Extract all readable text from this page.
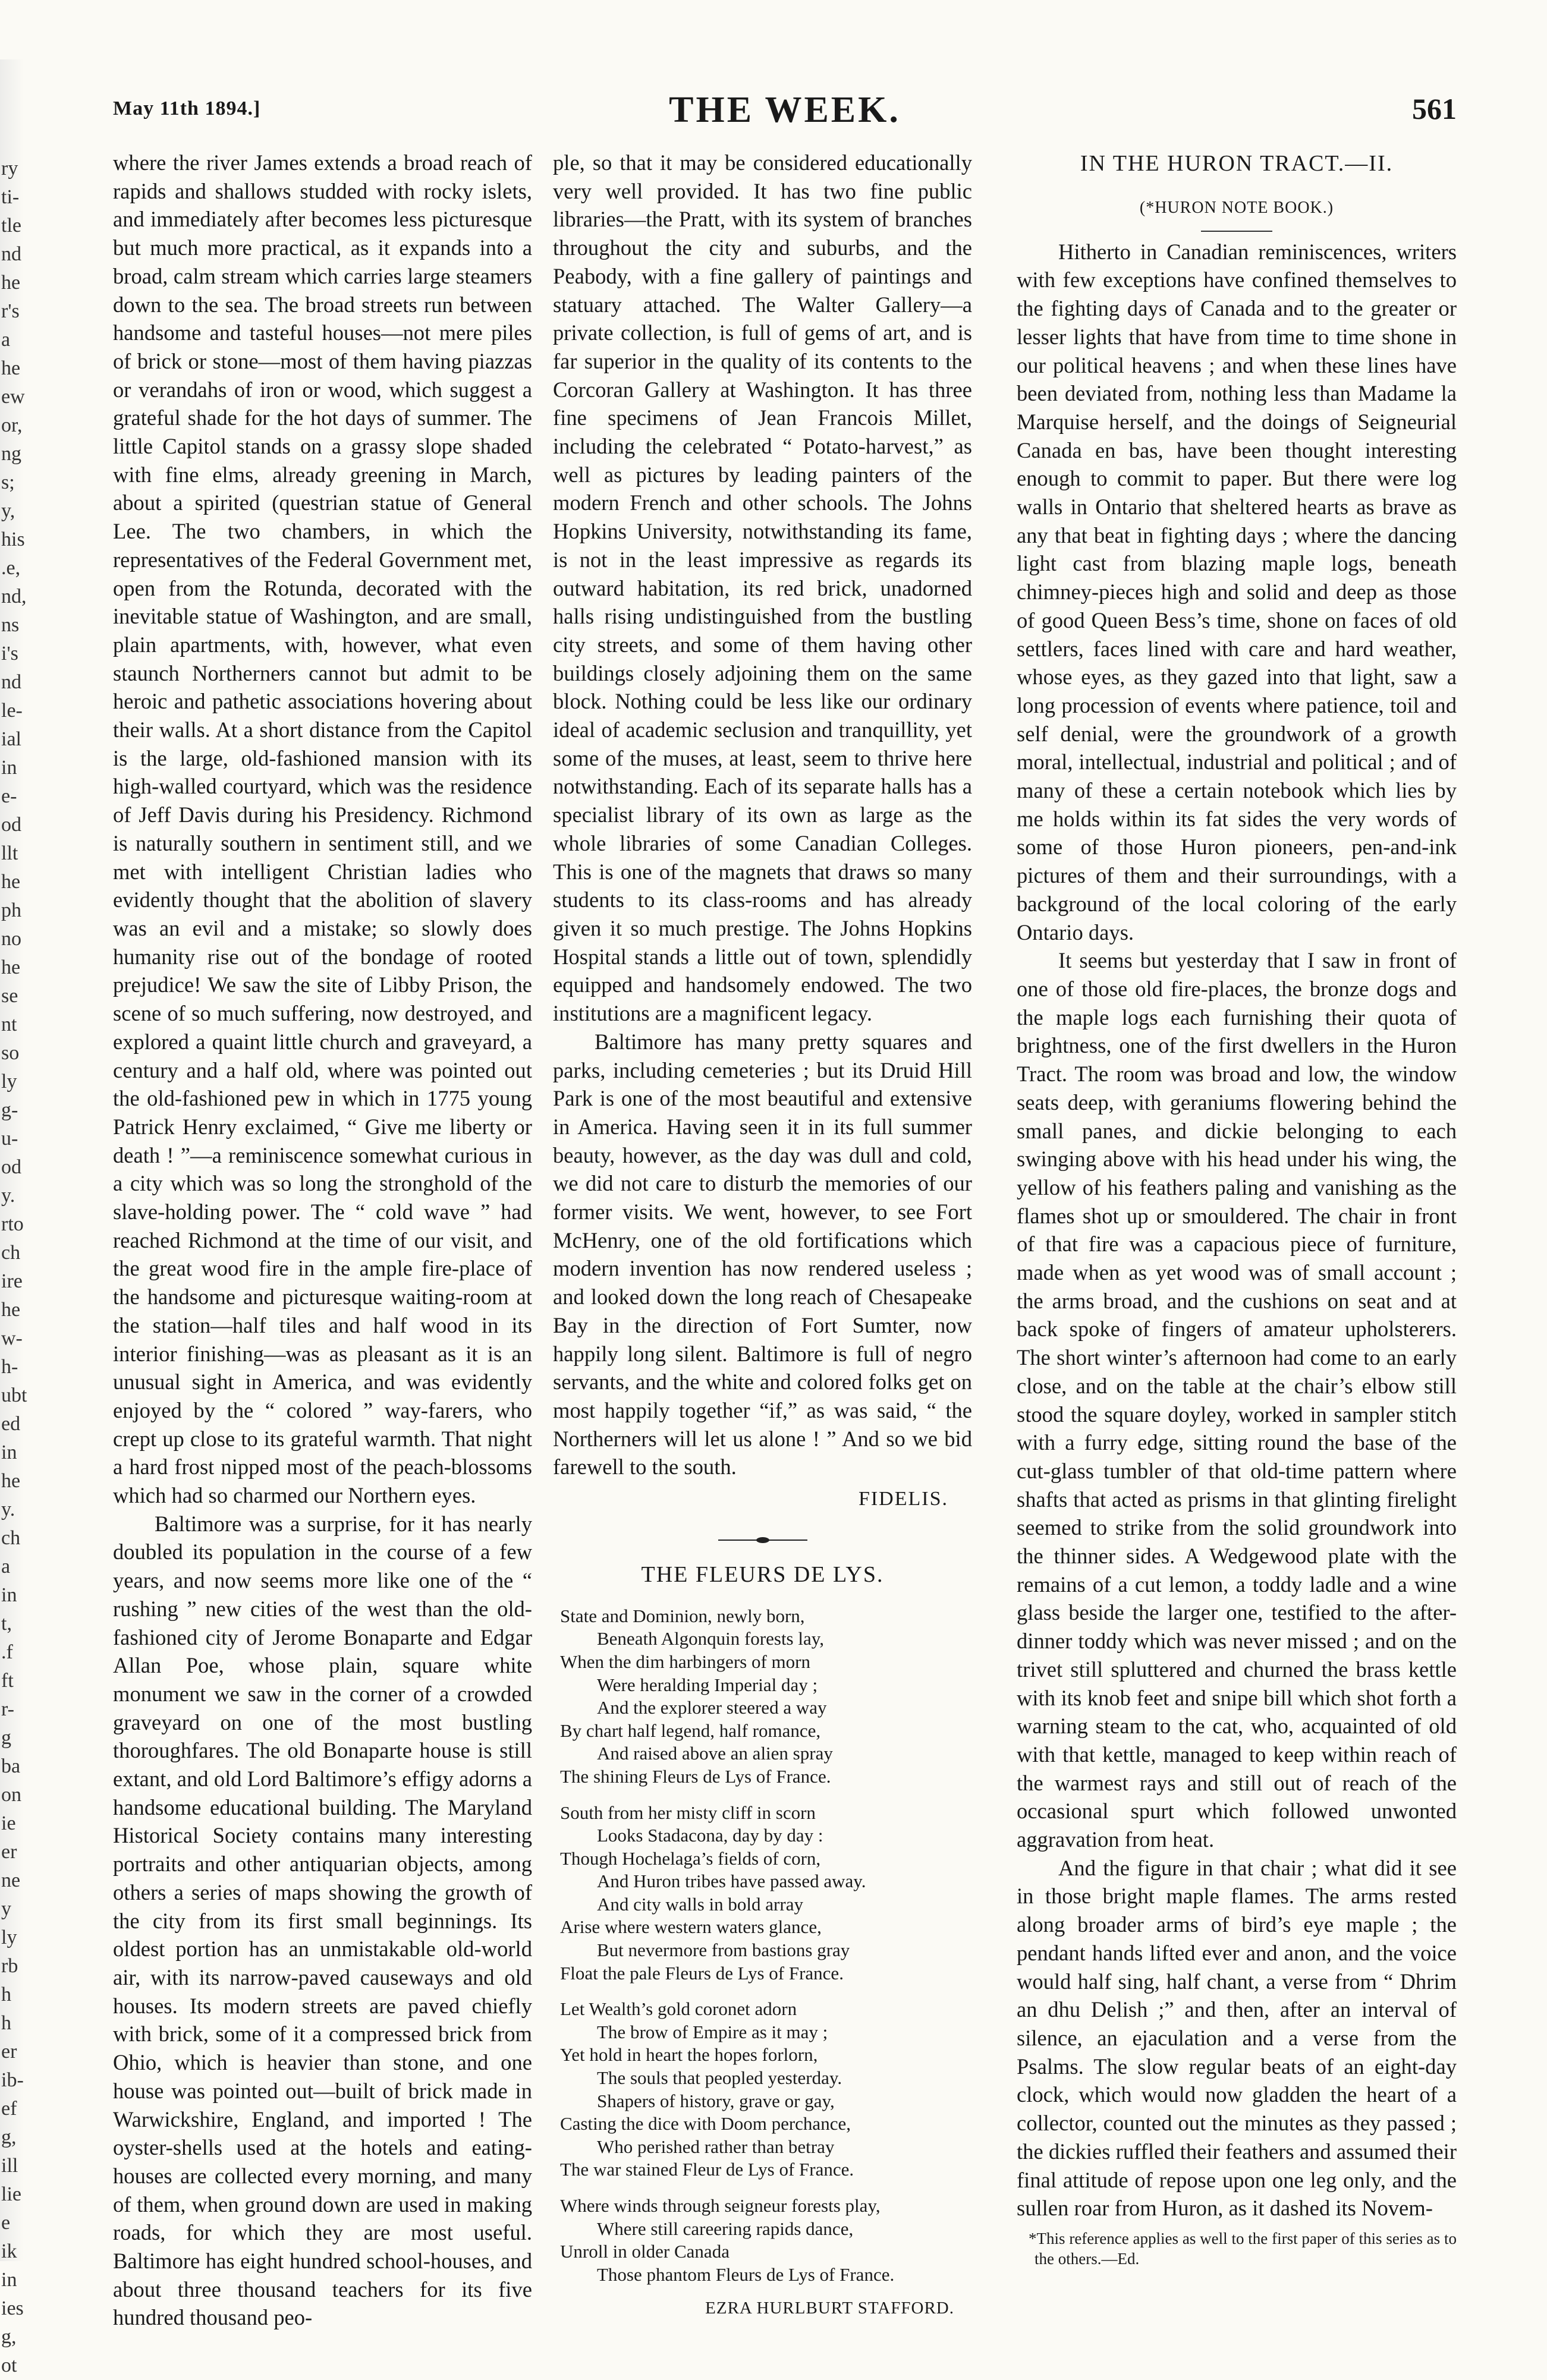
ry ti- tle nd he r's a he ew or, ng s; y, his .e, nd, ns i's nd le- ial in e- od llt he ph no he se nt so ly g- u- od y. rto ch ire he w- h- ubt ed in he y. ch a in t, .f ft r- g ba on ie er ne y ly rb h h er ib- ef g, ill lie e ik in ies g, ot
May 11th 1894.]	THE WEEK.	561

where the river James extends a broad reach of rapids and shallows studded with rocky islets, and immediately after becomes less picturesque but much more practical, as it expands into a broad, calm stream which carries large steamers down to the sea. The broad streets run between handsome and tasteful houses—not mere piles of brick or stone—most of them having piazzas or verandahs of iron or wood, which suggest a grateful shade for the hot days of summer. The little Capitol stands on a grassy slope shaded with fine elms, already greening in March, about a spirited (questrian statue of General Lee. The two chambers, in which the representatives of the Federal Government met, open from the Rotunda, decorated with the inevitable statue of Washington, and are small, plain apartments, with, however, what even staunch Northerners cannot but admit to be heroic and pathetic associations hovering about their walls. At a short distance from the Capitol is the large, old-fashioned mansion with its high-walled courtyard, which was the residence of Jeff Davis during his Presidency. Richmond is naturally southern in sentiment still, and we met with intelligent Christian ladies who evidently thought that the abolition of slavery was an evil and a mistake; so slowly does humanity rise out of the bondage of rooted prejudice! We saw the site of Libby Prison, the scene of so much suffering, now destroyed, and explored a quaint little church and graveyard, a century and a half old, where was pointed out the old-fashioned pew in which in 1775 young Patrick Henry exclaimed, “ Give me liberty or death ! ”—a reminiscence somewhat curious in a city which was so long the stronghold of the slave-holding power. The “ cold wave ” had reached Richmond at the time of our visit, and the great wood fire in the ample fire-place of the handsome and picturesque waiting-room at the station—half tiles and half wood in its interior finishing—was as pleasant as it is an unusual sight in America, and was evidently enjoyed by the “ colored ” way-farers, who crept up close to its grateful warmth. That night a hard frost nipped most of the peach-blossoms which had so charmed our Northern eyes.

Baltimore was a surprise, for it has nearly doubled its population in the course of a few years, and now seems more like one of the “ rushing ” new cities of the west than the old-fashioned city of Jerome Bonaparte and Edgar Allan Poe, whose plain, square white monument we saw in the corner of a crowded graveyard on one of the most bustling thoroughfares. The old Bonaparte house is still extant, and old Lord Baltimore’s effigy adorns a handsome educational building. The Maryland Historical Society contains many interesting portraits and other antiquarian objects, among others a series of maps showing the growth of the city from its first small beginnings. Its oldest portion has an unmistakable old-world air, with its narrow-paved causeways and old houses. Its modern streets are paved chiefly with brick, some of it a compressed brick from Ohio, which is heavier than stone, and one house was pointed out—built of brick made in Warwickshire, England, and imported ! The oyster-shells used at the hotels and eating-houses are collected every morning, and many of them, when ground down are used in making roads, for which they are most useful. Baltimore has eight hundred school-houses, and about three thousand teachers for its five hundred thousand peo-

ple, so that it may be considered educationally very well provided. It has two fine public libraries—the Pratt, with its system of branches throughout the city and suburbs, and the Peabody, with a fine gallery of paintings and statuary attached. The Walter Gallery—a private collection, is full of gems of art, and is far superior in the quality of its contents to the Corcoran Gallery at Washington. It has three fine specimens of Jean Francois Millet, including the celebrated “ Potato-harvest,” as well as pictures by leading painters of the modern French and other schools. The Johns Hopkins University, notwithstanding its fame, is not in the least impressive as regards its outward habitation, its red brick, unadorned halls rising undistinguished from the bustling city streets, and some of them having other buildings closely adjoining them on the same block. Nothing could be less like our ordinary ideal of academic seclusion and tranquillity, yet some of the muses, at least, seem to thrive here notwithstanding. Each of its separate halls has a specialist library of its own as large as the whole libraries of some Canadian Colleges. This is one of the magnets that draws so many students to its class-rooms and has already given it so much prestige. The Johns Hopkins Hospital stands a little out of town, splendidly equipped and handsomely endowed. The two institutions are a magnificent legacy.

Baltimore has many pretty squares and parks, including cemeteries ; but its Druid Hill Park is one of the most beautiful and extensive in America. Having seen it in its full summer beauty, however, as the day was dull and cold, we did not care to disturb the memories of our former visits. We went, however, to see Fort McHenry, one of the old fortifications which modern invention has now rendered useless ; and looked down the long reach of Chesapeake Bay in the direction of Fort Sumter, now happily long silent. Baltimore is full of negro servants, and the white and colored folks get on most happily together “if,” as was said, “ the Northerners will let us alone ! ” And so we bid farewell to the south.

FIDELIS.
THE FLEURS DE LYS.
State and Dominion, newly born,
Beneath Algonquin forests lay,
When the dim harbingers of morn
Were heralding Imperial day ;
And the explorer steered a way
By chart half legend, half romance,
And raised above an alien spray
The shining Fleurs de Lys of France.
South from her misty cliff in scorn
Looks Stadacona, day by day :
Though Hochelaga’s fields of corn,
And Huron tribes have passed away.
And city walls in bold array
Arise where western waters glance,
But nevermore from bastions gray
Float the pale Fleurs de Lys of France.
Let Wealth’s gold coronet adorn
The brow of Empire as it may ;
Yet hold in heart the hopes forlorn,
The souls that peopled yesterday.
Shapers of history, grave or gay,
Casting the dice with Doom perchance,
Who perished rather than betray
The war stained Fleur de Lys of France.
Where winds through seigneur forests play,
Where still careering rapids dance,
Unroll in older Canada
Those phantom Fleurs de Lys of France.
EZRA HURLBURT STAFFORD.
IN THE HURON TRACT.—II.
(*HURON NOTE BOOK.)

Hitherto in Canadian reminiscences, writers with few exceptions have confined themselves to the fighting days of Canada and to the greater or lesser lights that have from time to time shone in our political heavens ; and when these lines have been deviated from, nothing less than Madame la Marquise herself, and the doings of Seigneurial Canada en bas, have been thought interesting enough to commit to paper. But there were log walls in Ontario that sheltered hearts as brave as any that beat in fighting days ; where the dancing light cast from blazing maple logs, beneath chimney-pieces high and solid and deep as those of good Queen Bess’s time, shone on faces of old settlers, faces lined with care and hard weather, whose eyes, as they gazed into that light, saw a long procession of events where patience, toil and self denial, were the groundwork of a growth moral, intellectual, industrial and political ; and of many of these a certain notebook which lies by me holds within its fat sides the very words of some of those Huron pioneers, pen-and-ink pictures of them and their surroundings, with a background of the local coloring of the early Ontario days.

It seems but yesterday that I saw in front of one of those old fire-places, the bronze dogs and the maple logs each furnishing their quota of brightness, one of the first dwellers in the Huron Tract. The room was broad and low, the window seats deep, with geraniums flowering behind the small panes, and dickie belonging to each swinging above with his head under his wing, the yellow of his feathers paling and vanishing as the flames shot up or smouldered. The chair in front of that fire was a capacious piece of furniture, made when as yet wood was of small account ; the arms broad, and the cushions on seat and at back spoke of fingers of amateur upholsterers. The short winter’s afternoon had come to an early close, and on the table at the chair’s elbow still stood the square doyley, worked in sampler stitch with a furry edge, sitting round the base of the cut-glass tumbler of that old-time pattern where shafts that acted as prisms in that glinting firelight seemed to strike from the solid groundwork into the thinner sides. A Wedgewood plate with the remains of a cut lemon, a toddy ladle and a wine glass beside the larger one, testified to the after-dinner toddy which was never missed ; and on the trivet still spluttered and churned the brass kettle with its knob feet and snipe bill which shot forth a warning steam to the cat, who, acquainted of old with that kettle, managed to keep within reach of the warmest rays and still out of reach of the occasional spurt which followed unwonted aggravation from heat.

And the figure in that chair ; what did it see in those bright maple flames. The arms rested along broader arms of bird’s eye maple ; the pendant hands lifted ever and anon, and the voice would half sing, half chant, a verse from “ Dhrim an dhu Delish ;” and then, after an interval of silence, an ejaculation and a verse from the Psalms. The slow regular beats of an eight-day clock, which would now gladden the heart of a collector, counted out the minutes as they passed ; the dickies ruffled their feathers and assumed their final attitude of repose upon one leg only, and the sullen roar from Huron, as it dashed its Novem-

*This reference applies as well to the first paper of this series as to the others.—Ed.
